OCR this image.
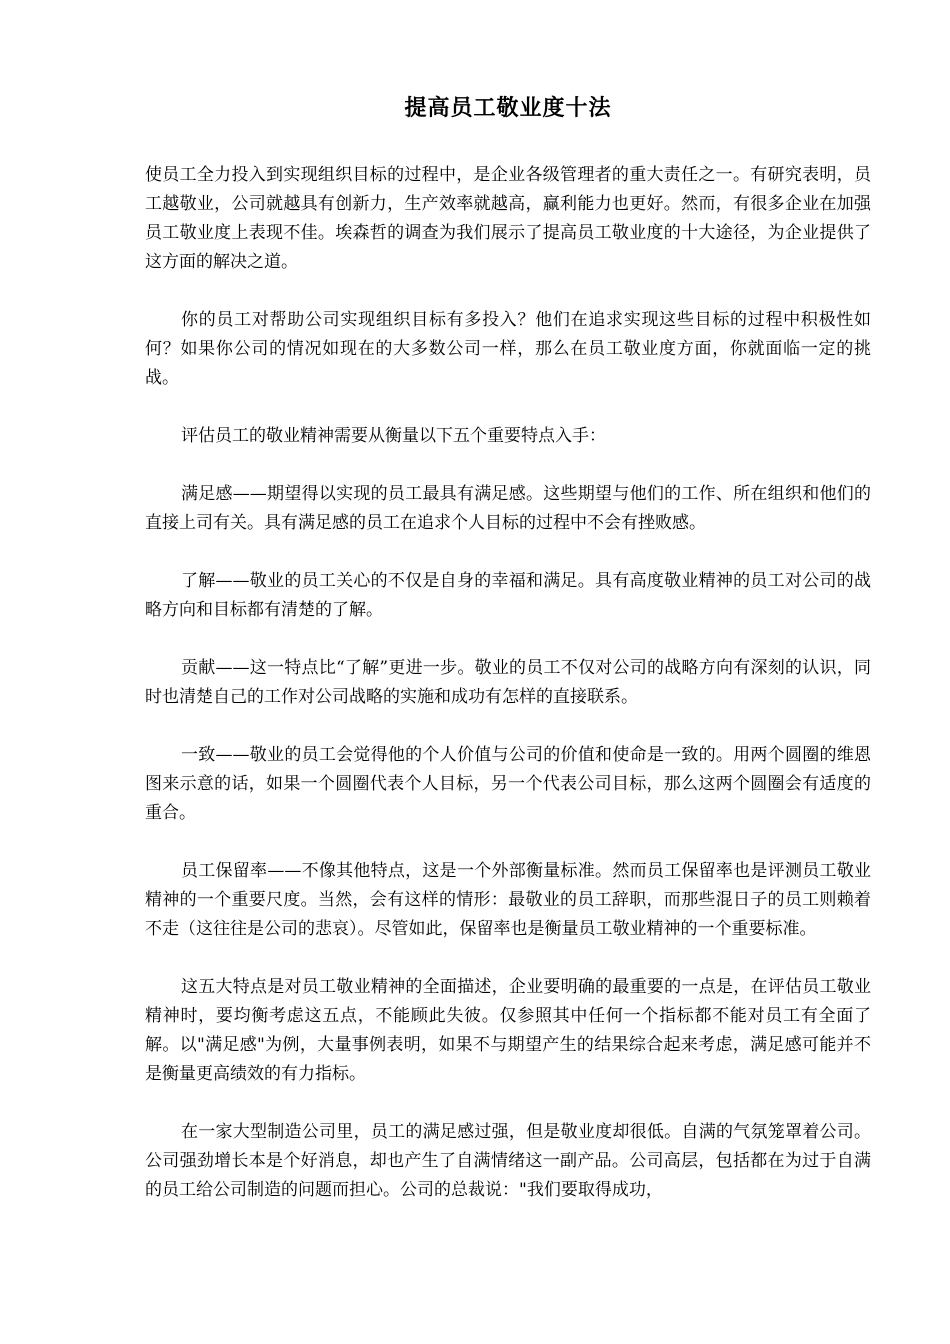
提高员工敬业度十法

使员工全力投入到实现组织目标的过程中，是企业各级管理者的重大责任之一。有研究表明，员工越敬业，公司就越具有创新力，生产效率就越高，赢利能力也更好。然而，有很多企业在加强员工敬业度上表现不佳。埃森哲的调查为我们展示了提高员工敬业度的十大途径，为企业提供了这方面的解决之道。

你的员工对帮助公司实现组织目标有多投入？他们在追求实现这些目标的过程中积极性如何？如果你公司的情况如现在的大多数公司一样，那么在员工敬业度方面，你就面临一定的挑战。

评估员工的敬业精神需要从衡量以下五个重要特点入手：

满足感——期望得以实现的员工最具有满足感。这些期望与他们的工作、所在组织和他们的直接上司有关。具有满足感的员工在追求个人目标的过程中不会有挫败感。

了解——敬业的员工关心的不仅是自身的幸福和满足。具有高度敬业精神的员工对公司的战略方向和目标都有清楚的了解。

贡献——这一特点比“了解”更进一步。敬业的员工不仅对公司的战略方向有深刻的认识，同时也清楚自己的工作对公司战略的实施和成功有怎样的直接联系。

一致——敬业的员工会觉得他的个人价值与公司的价值和使命是一致的。用两个圆圈的维恩图来示意的话，如果一个圆圈代表个人目标，另一个代表公司目标，那么这两个圆圈会有适度的重合。

员工保留率——不像其他特点，这是一个外部衡量标准。然而员工保留率也是评测员工敬业精神的一个重要尺度。当然，会有这样的情形：最敬业的员工辞职，而那些混日子的员工则赖着不走（这往往是公司的悲哀）。尽管如此，保留率也是衡量员工敬业精神的一个重要标准。

这五大特点是对员工敬业精神的全面描述，企业要明确的最重要的一点是，在评估员工敬业精神时，要均衡考虑这五点，不能顾此失彼。仅参照其中任何一个指标都不能对员工有全面了解。以"满足感"为例，大量事例表明，如果不与期望产生的结果综合起来考虑，满足感可能并不是衡量更高绩效的有力指标。

在一家大型制造公司里，员工的满足感过强，但是敬业度却很低。自满的气氛笼罩着公司。公司强劲增长本是个好消息，却也产生了自满情绪这一副产品。公司高层，包括都在为过于自满的员工给公司制造的问题而担心。公司的总裁说："我们要取得成功，
